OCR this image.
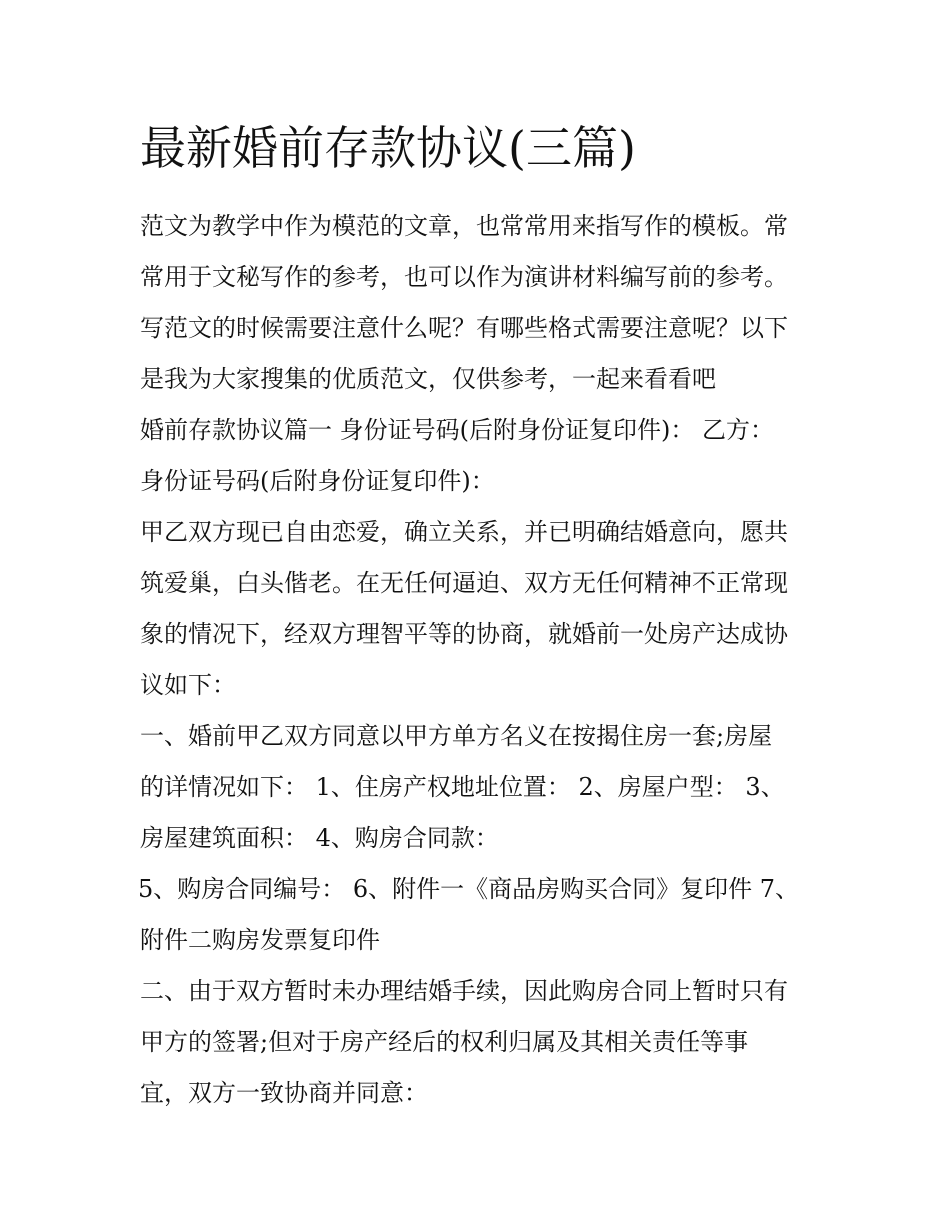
最新婚前存款协议(三篇)

范文为教学中作为模范的文章，也常常用来指写作的模板。常

常用于文秘写作的参考，也可以作为演讲材料编写前的参考。

写范文的时候需要注意什么呢？有哪些格式需要注意呢？以下

是我为大家搜集的优质范文，仅供参考，一起来看看吧

婚前存款协议篇一 身份证号码(后附身份证复印件)： 乙方：

身份证号码(后附身份证复印件)：

甲乙双方现已自由恋爱，确立关系，并已明确结婚意向，愿共

筑爱巢，白头偕老。在无任何逼迫、双方无任何精神不正常现

象的情况下，经双方理智平等的协商，就婚前一处房产达成协

议如下：

一、婚前甲乙双方同意以甲方单方名义在按揭住房一套;房屋

的详情况如下： 1、住房产权地址位置： 2、房屋户型： 3、

房屋建筑面积： 4、购房合同款：

5、购房合同编号： 6、附件一《商品房购买合同》复印件 7、

附件二购房发票复印件

二、由于双方暂时未办理结婚手续，因此购房合同上暂时只有

甲方的签署;但对于房产经后的权利归属及其相关责任等事

宜，双方一致协商并同意：
